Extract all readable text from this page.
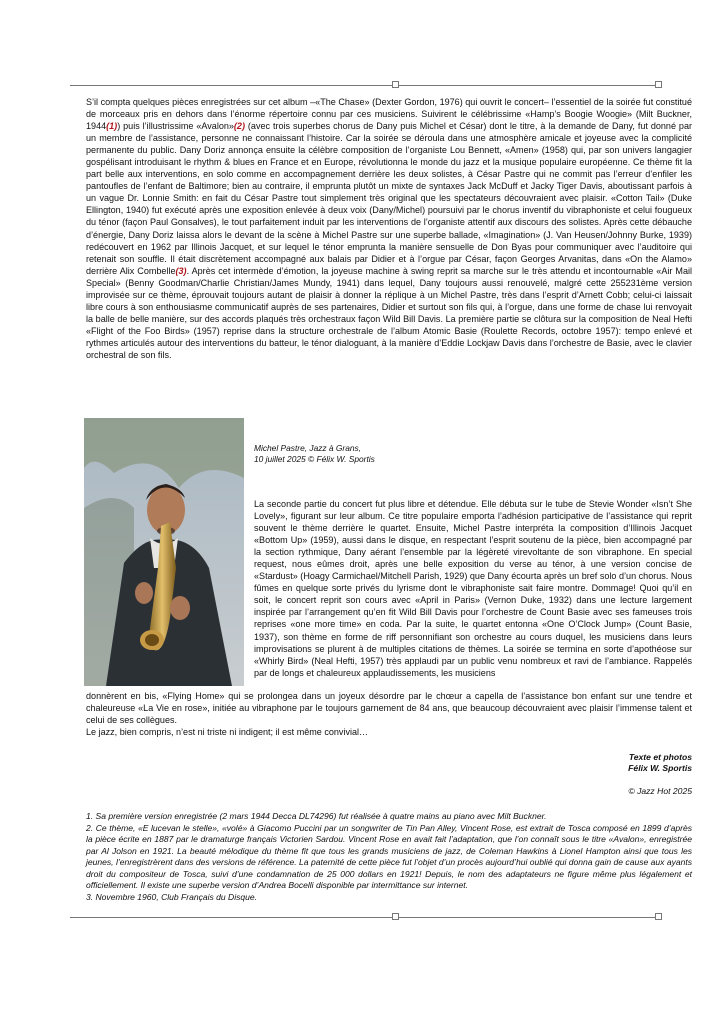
S’il compta quelques pièces enregistrées sur cet album –«The Chase» (Dexter Gordon, 1976) qui ouvrit le concert– l’essentiel de la soirée fut constitué de morceaux pris en dehors dans l’énorme répertoire connu par ces musiciens. Suivirent le célébrissime «Hamp’s Boogie Woogie» (Milt Buckner, 1944(1)) puis l’illustrissime «Avalon»(2) (avec trois superbes chorus de Dany puis Michel et César) dont le titre, à la demande de Dany, fut donné par un membre de l’assistance, personne ne connaissant l’histoire. Car la soirée se déroula dans une atmosphère amicale et joyeuse avec la complicité permanente du public. Dany Doriz annonça ensuite la célèbre composition de l’organiste Lou Bennett, «Amen» (1958) qui, par son univers langagier gospélisant introduisant le rhythm & blues en France et en Europe, révolutionna le monde du jazz et la musique populaire européenne. Ce thème fit la part belle aux interventions, en solo comme en accompagnement derrière les deux solistes, à César Pastre qui ne commit pas l’erreur d’enfiler les pantoufles de l’enfant de Baltimore; bien au contraire, il emprunta plutôt un mixte de syntaxes Jack McDuff et Jacky Tiger Davis, aboutissant parfois à un vague Dr. Lonnie Smith: en fait du César Pastre tout simplement très original que les spectateurs découvraient avec plaisir. «Cotton Tail» (Duke Ellington, 1940) fut exécuté après une exposition enlevée à deux voix (Dany/Michel) poursuivi par le chorus inventif du vibraphoniste et celui fougueux du ténor (façon Paul Gonsalves), le tout parfaitement induit par les interventions de l’organiste attentif aux discours des solistes. Après cette débauche d’énergie, Dany Doriz laissa alors le devant de la scène à Michel Pastre sur une superbe ballade, «Imagination» (J. Van Heusen/Johnny Burke, 1939) redécouvert en 1962 par Illinois Jacquet, et sur lequel le ténor emprunta la manière sensuelle de Don Byas pour communiquer avec l’auditoire qui retenait son souffle. Il était discrètement accompagné aux balais par Didier et à l’orgue par César, façon Georges Arvanitas, dans «On the Alamo» derrière Alix Combelle(3). Après cet intermède d’émotion, la joyeuse machine à swing reprit sa marche sur le très attendu et incontournable «Air Mail Special» (Benny Goodman/Charlie Christian/James Mundy, 1941) dans lequel, Dany toujours aussi renouvelé, malgré cette 255231ème version improvisée sur ce thème, éprouvait toujours autant de plaisir à donner la réplique à un Michel Pastre, très dans l’esprit d’Arnett Cobb; celui-ci laissait libre cours à son enthousiasme communicatif auprès de ses partenaires, Didier et surtout son fils qui, à l’orgue, dans une forme de chase lui renvoyait la balle de belle manière, sur des accords plaqués très orchestraux façon Wild Bill Davis. La première partie se clôtura sur la composition de Neal Hefti «Flight of the Foo Birds» (1957) reprise dans la structure orchestrale de l’album Atomic Basie (Roulette Records, octobre 1957): tempo enlevé et rythmes articulés autour des interventions du batteur, le ténor dialoguant, à la manière d’Eddie Lockjaw Davis dans l’orchestre de Basie, avec le clavier orchestral de son fils.

Michel Pastre, Jazz à Grans,
10 juillet 2025 © Félix W. Sportis

La seconde partie du concert fut plus libre et détendue. Elle débuta sur le tube de Stevie Wonder «Isn’t She Lovely», figurant sur leur album. Ce titre populaire emporta l’adhésion participative de l’assistance qui reprit souvent le thème derrière le quartet. Ensuite, Michel Pastre interpréta la composition d’Illinois Jacquet «Bottom Up» (1959), aussi dans le disque, en respectant l’esprit soutenu de la pièce, bien accompagné par la section rythmique, Dany aérant l’ensemble par la légèreté virevoltante de son vibraphone. En special request, nous eûmes droit, après une belle exposition du verse au ténor, à une version concise de «Stardust» (Hoagy Carmichael/Mitchell Parish, 1929) que Dany écourta après un bref solo d’un chorus. Nous fûmes en quelque sorte privés du lyrisme dont le vibraphoniste sait faire montre. Dommage! Quoi qu’il en soit, le concert reprit son cours avec «April in Paris» (Vernon Duke, 1932) dans une lecture largement inspirée par l’arrangement qu’en fit Wild Bill Davis pour l’orchestre de Count Basie avec ses fameuses trois reprises «one more time» en coda. Par la suite, le quartet entonna «One O’Clock Jump» (Count Basie, 1937), son thème en forme de riff personnifiant son orchestre au cours duquel, les musiciens dans leurs improvisations se plurent à de multiples citations de thèmes. La soirée se termina en sorte d’apothéose sur «Whirly Bird» (Neal Hefti, 1957) très applaudi par un public venu nombreux et ravi de l’ambiance. Rappelés par de longs et chaleureux applaudissements, les musiciens

donnèrent en bis, «Flying Home» qui se prolongea dans un joyeux désordre par le chœur a capella de l’assistance bon enfant sur une tendre et chaleureuse «La Vie en rose», initiée au vibraphone par le toujours garnement de 84 ans, que beaucoup découvraient avec plaisir l’immense talent et celui de ses collègues.

Le jazz, bien compris, n’est ni triste ni indigent; il est même convivial…

Texte et photos
Félix W. Sportis
© Jazz Hot 2025

1. Sa première version enregistrée (2 mars 1944 Decca DL74296) fut réalisée à quatre mains au piano avec Milt Buckner.

2. Ce thème, «E lucevan le stelle», «volé» à Giacomo Puccini par un songwriter de Tin Pan Alley, Vincent Rose, est extrait de Tosca composé en 1899 d’après la pièce écrite en 1887 par le dramaturge français Victorien Sardou. Vincent Rose en avait fait l’adaptation, que l’on connaît sous le titre «Avalon», enregistrée par Al Jolson en 1921. La beauté mélodique du thème fit que tous les grands musiciens de jazz, de Coleman Hawkins à Lionel Hampton ainsi que tous les jeunes, l’enregistrèrent dans des versions de référence. La paternité de cette pièce fut l’objet d’un procès aujourd’hui oublié qui donna gain de cause aux ayants droit du compositeur de Tosca, suivi d’une condamnation de 25 000 dollars en 1921! Depuis, le nom des adaptateurs ne figure même plus légalement et officiellement. Il existe une superbe version d’Andrea Bocelli disponible par intermittance sur internet.

3. Novembre 1960, Club Français du Disque.
